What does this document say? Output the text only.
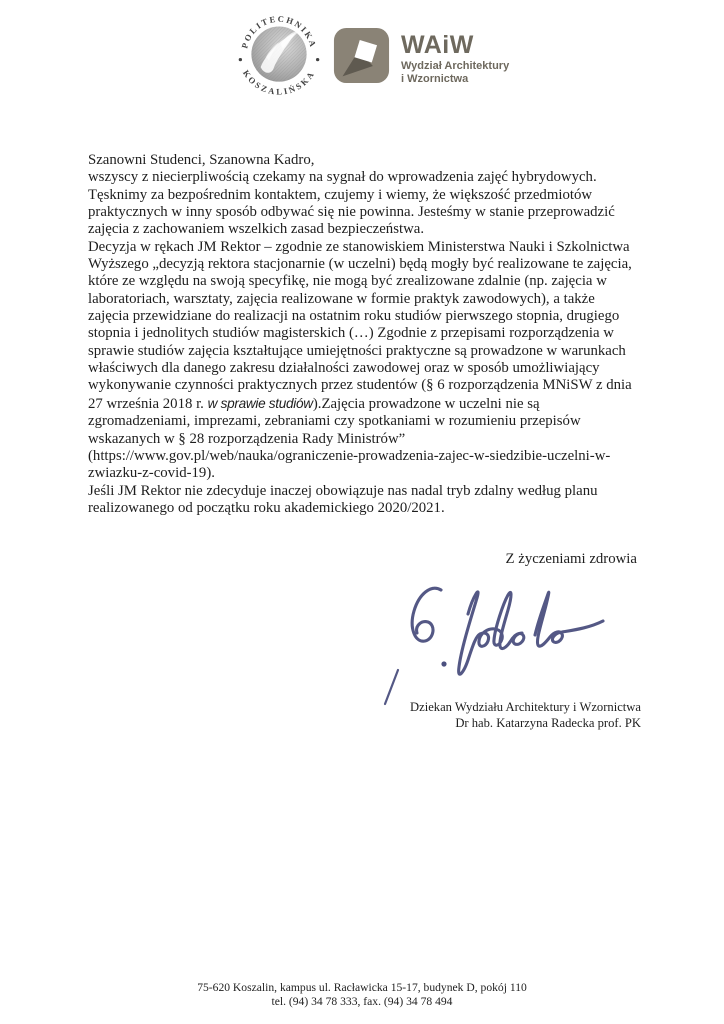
POLITECHNIKA
KOSZALIŃSKA
WAiW
Wydział Architektury
i Wzornictwa
Szanowni Studenci, Szanowna Kadro,
wszyscy z niecierpliwością czekamy na sygnał do wprowadzenia zajęć hybrydowych.
Tęsknimy za bezpośrednim kontaktem, czujemy i wiemy, że większość przedmiotów
praktycznych w inny sposób odbywać się nie powinna. Jesteśmy w stanie przeprowadzić
zajęcia z zachowaniem wszelkich zasad bezpieczeństwa.
Decyzja w rękach JM Rektor – zgodnie ze stanowiskiem Ministerstwa Nauki i Szkolnictwa
Wyższego „decyzją rektora stacjonarnie (w uczelni) będą mogły być realizowane te zajęcia,
które ze względu na swoją specyfikę, nie mogą być zrealizowane zdalnie (np. zajęcia w
laboratoriach, warsztaty, zajęcia realizowane w formie praktyk zawodowych), a także
zajęcia przewidziane do realizacji na ostatnim roku studiów pierwszego stopnia, drugiego
stopnia i jednolitych studiów magisterskich (…) Zgodnie z przepisami rozporządzenia w
sprawie studiów zajęcia kształtujące umiejętności praktyczne są prowadzone w warunkach
właściwych dla danego zakresu działalności zawodowej oraz w sposób umożliwiający
wykonywanie czynności praktycznych przez studentów (§ 6 rozporządzenia MNiSW z dnia
27 września 2018 r. w sprawie studiów).Zajęcia prowadzone w uczelni nie są
zgromadzeniami, imprezami, zebraniami czy spotkaniami w rozumieniu przepisów
wskazanych w § 28 rozporządzenia Rady Ministrów”
(https://www.gov.pl/web/nauka/ograniczenie-prowadzenia-zajec-w-siedzibie-uczelni-w-
zwiazku-z-covid-19).
Jeśli JM Rektor nie zdecyduje inaczej obowiązuje nas nadal tryb zdalny według planu
realizowanego od początku roku akademickiego 2020/2021.
Z życzeniami zdrowia
Dziekan Wydziału Architektury i Wzornictwa
Dr hab. Katarzyna Radecka prof. PK
75-620 Koszalin, kampus ul. Racławicka 15-17, budynek D, pokój 110
tel. (94) 34 78 333, fax. (94) 34 78 494
